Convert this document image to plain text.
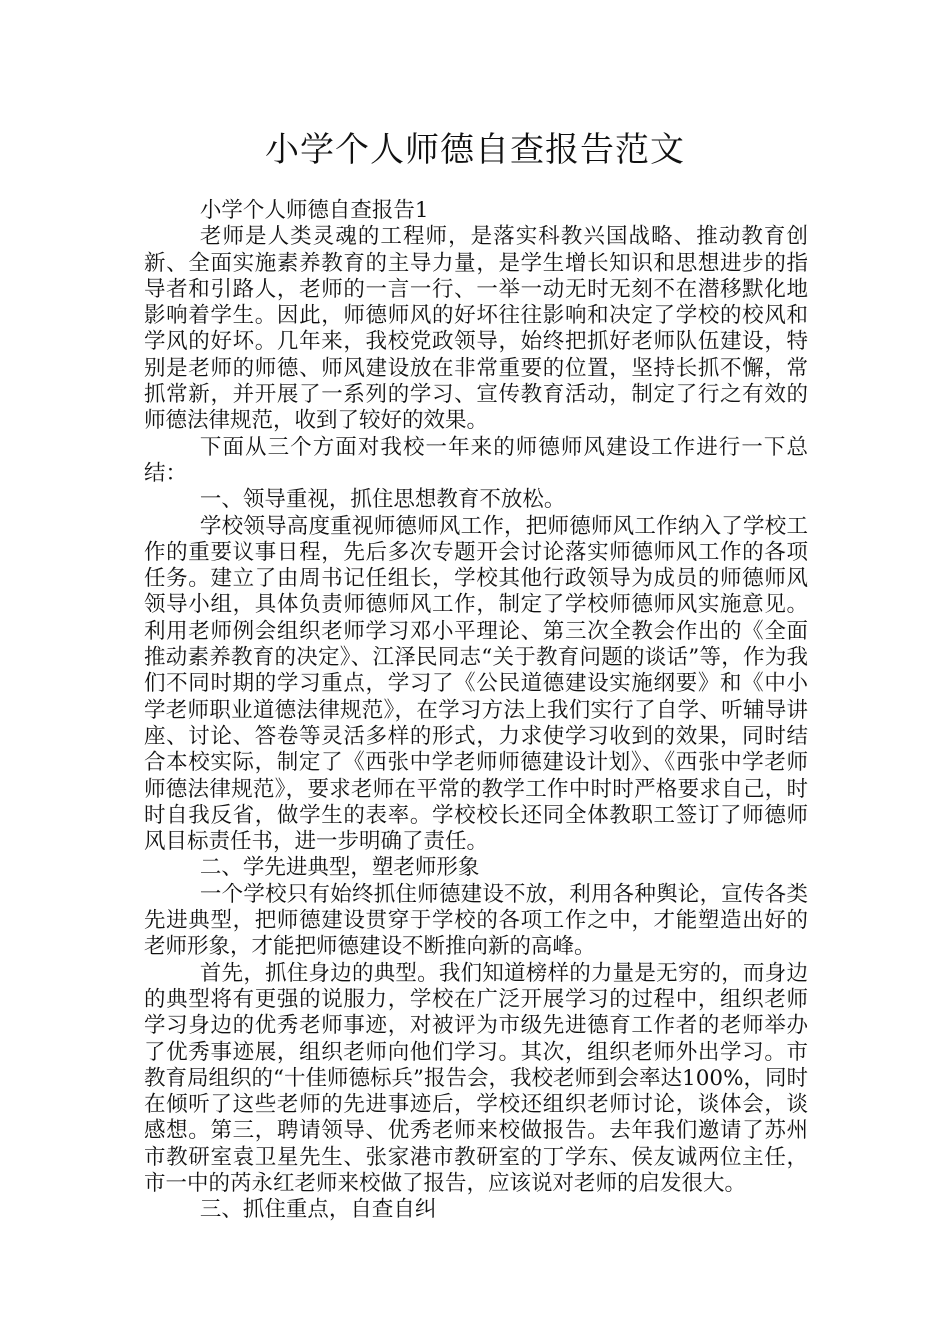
小学个人师德自查报告范文

小学个人师德自查报告1

老师是人类灵魂的工程师，是落实科教兴国战略、推动教育创新、全面实施素养教育的主导力量，是学生增长知识和思想进步的指导者和引路人，老师的一言一行、一举一动无时无刻不在潜移默化地影响着学生。因此，师德师风的好坏往往影响和决定了学校的校风和学风的好坏。几年来，我校党政领导，始终把抓好老师队伍建设，特别是老师的师德、师风建设放在非常重要的位置，坚持长抓不懈，常抓常新，并开展了一系列的学习、宣传教育活动，制定了行之有效的师德法律规范，收到了较好的效果。

下面从三个方面对我校一年来的师德师风建设工作进行一下总结：

一、领导重视，抓住思想教育不放松。

学校领导高度重视师德师风工作，把师德师风工作纳入了学校工作的重要议事日程，先后多次专题开会讨论落实师德师风工作的各项任务。建立了由周书记任组长，学校其他行政领导为成员的师德师风领导小组，具体负责师德师风工作，制定了学校师德师风实施意见。利用老师例会组织老师学习邓小平理论、第三次全教会作出的《全面推动素养教育的决定》、江泽民同志“关于教育问题的谈话”等，作为我们不同时期的学习重点，学习了《公民道德建设实施纲要》和《中小学老师职业道德法律规范》，在学习方法上我们实行了自学、听辅导讲座、讨论、答卷等灵活多样的形式，力求使学习收到的效果，同时结合本校实际，制定了《西张中学老师师德建设计划》、《西张中学老师师德法律规范》，要求老师在平常的教学工作中时时严格要求自己，时时自我反省，做学生的表率。学校校长还同全体教职工签订了师德师风目标责任书，进一步明确了责任。

二、学先进典型，塑老师形象

一个学校只有始终抓住师德建设不放，利用各种舆论，宣传各类先进典型，把师德建设贯穿于学校的各项工作之中，才能塑造出好的老师形象，才能把师德建设不断推向新的高峰。

首先，抓住身边的典型。我们知道榜样的力量是无穷的，而身边的典型将有更强的说服力，学校在广泛开展学习的过程中，组织老师学习身边的优秀老师事迹，对被评为市级先进德育工作者的老师举办了优秀事迹展，组织老师向他们学习。其次，组织老师外出学习。市教育局组织的“十佳师德标兵”报告会，我校老师到会率达100%，同时在倾听了这些老师的先进事迹后，学校还组织老师讨论，谈体会，谈感想。第三，聘请领导、优秀老师来校做报告。去年我们邀请了苏州市教研室袁卫星先生、张家港市教研室的丁学东、侯友诚两位主任，市一中的芮永红老师来校做了报告，应该说对老师的启发很大。

三、抓住重点，自查自纠
